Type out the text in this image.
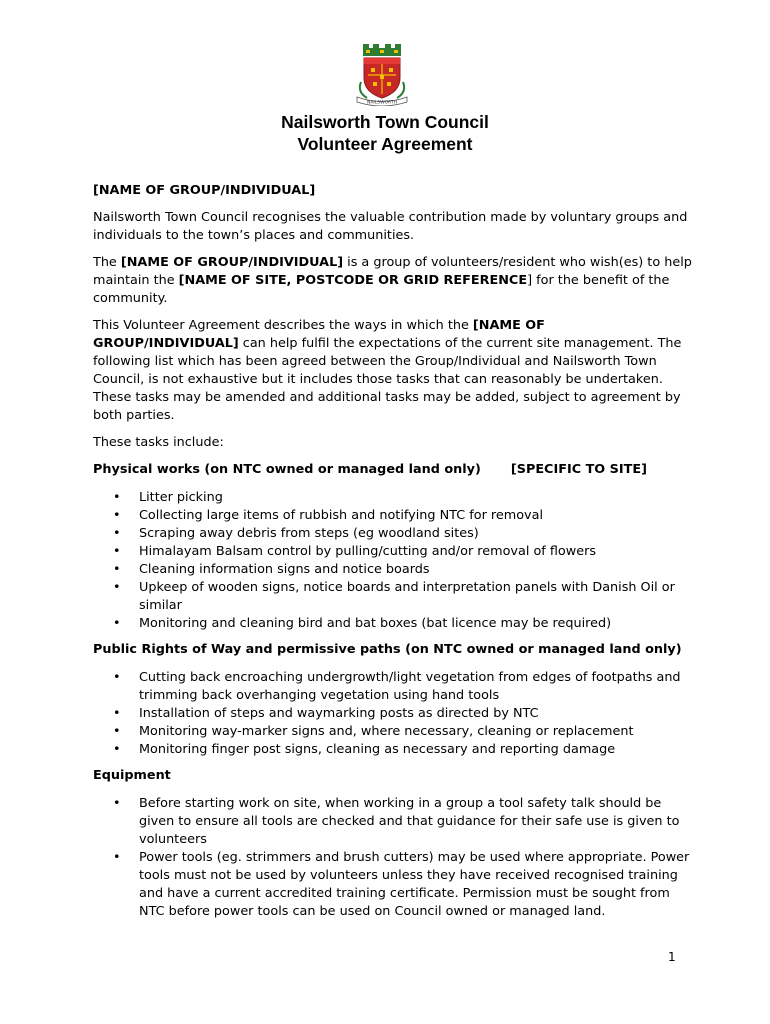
NAILSWORTH
Nailsworth Town Council
Volunteer Agreement

[NAME OF GROUP/INDIVIDUAL]

Nailsworth Town Council recognises the valuable contribution made by voluntary groups and individuals to the town’s places and communities.

The [NAME OF GROUP/INDIVIDUAL] is a group of volunteers/resident who wish(es) to help maintain the [NAME OF SITE, POSTCODE OR GRID REFERENCE] for the benefit of the community.

This Volunteer Agreement describes the ways in which the [NAME OF GROUP/INDIVIDUAL] can help fulfil the expectations of the current site management. The following list which has been agreed between the Group/Individual and Nailsworth Town Council, is not exhaustive but it includes those tasks that can reasonably be undertaken. These tasks may be amended and additional tasks may be added, subject to agreement by both parties.

These tasks include:

Physical works (on NTC owned or managed land only) [SPECIFIC TO SITE]
• Litter picking
• Collecting large items of rubbish and notifying NTC for removal
• Scraping away debris from steps (eg woodland sites)
• Himalayam Balsam control by pulling/cutting and/or removal of flowers
• Cleaning information signs and notice boards
• Upkeep of wooden signs, notice boards and interpretation panels with Danish Oil or similar
• Monitoring and cleaning bird and bat boxes (bat licence may be required)
Public Rights of Way and permissive paths (on NTC owned or managed land only)
• Cutting back encroaching undergrowth/light vegetation from edges of footpaths and trimming back overhanging vegetation using hand tools
• Installation of steps and waymarking posts as directed by NTC
• Monitoring way-marker signs and, where necessary, cleaning or replacement
• Monitoring finger post signs, cleaning as necessary and reporting damage
Equipment
• Before starting work on site, when working in a group a tool safety talk should be given to ensure all tools are checked and that guidance for their safe use is given to volunteers
• Power tools (eg. strimmers and brush cutters) may be used where appropriate. Power tools must not be used by volunteers unless they have received recognised training and have a current accredited training certificate. Permission must be sought from NTC before power tools can be used on Council owned or managed land.
1
